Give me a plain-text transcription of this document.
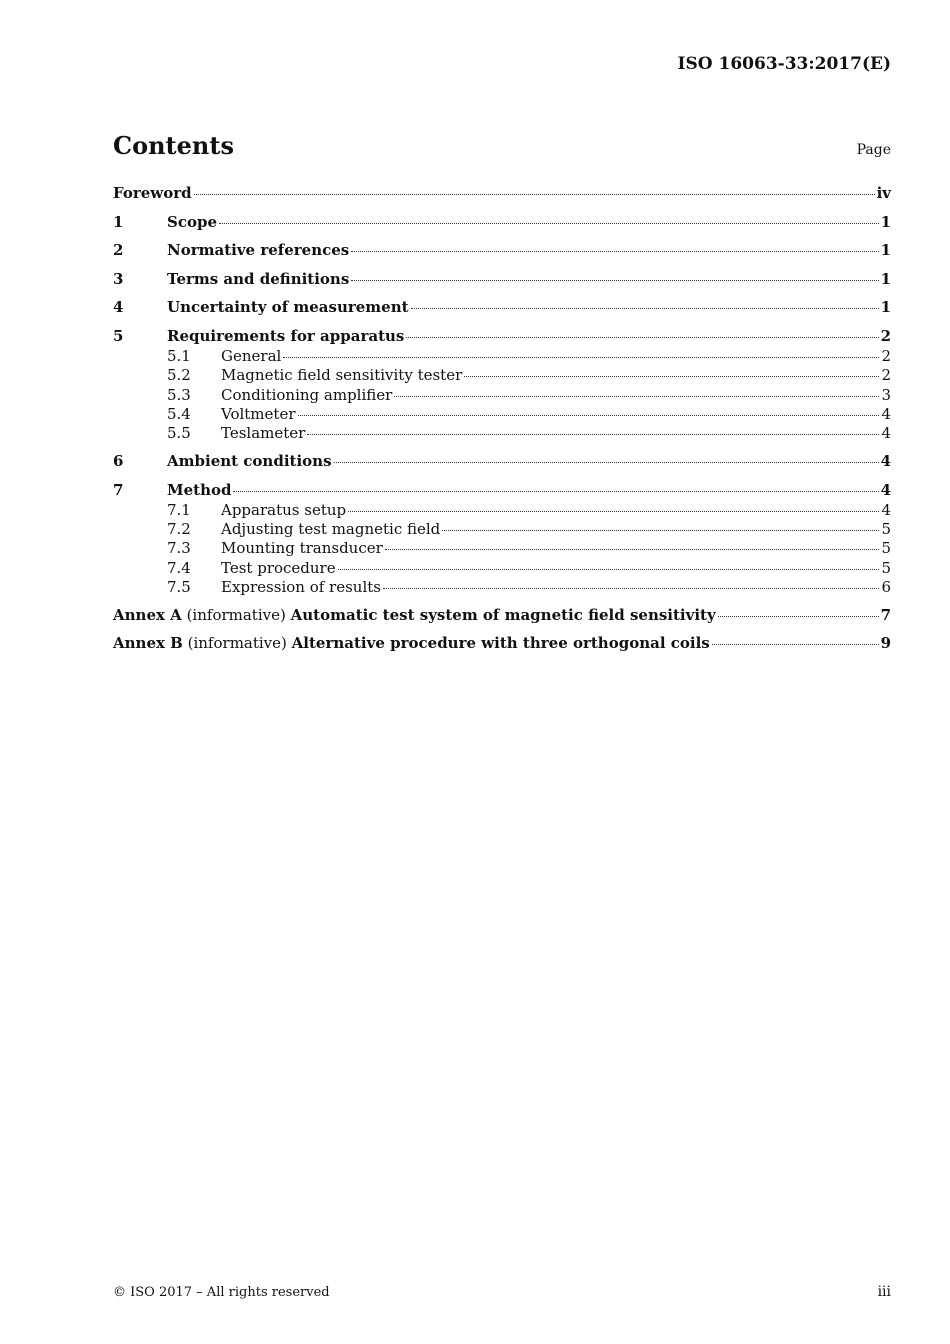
ISO 16063-33:2017(E)
Contents	Page
Foreword	iv
1	Scope	1
2	Normative references	1
3	Terms and definitions	1
4	Uncertainty of measurement	1
5	Requirements for apparatus	2
5.1	General	2
5.2	Magnetic field sensitivity tester	2
5.3	Conditioning amplifier	3
5.4	Voltmeter	4
5.5	Teslameter	4
6	Ambient conditions	4
7	Method	4
7.1	Apparatus setup	4
7.2	Adjusting test magnetic field	5
7.3	Mounting transducer	5
7.4	Test procedure	5
7.5	Expression of results	6
Annex A (informative) Automatic test system of magnetic field sensitivity	7
Annex B (informative) Alternative procedure with three orthogonal coils	9
© ISO 2017 – All rights reserved	iii
